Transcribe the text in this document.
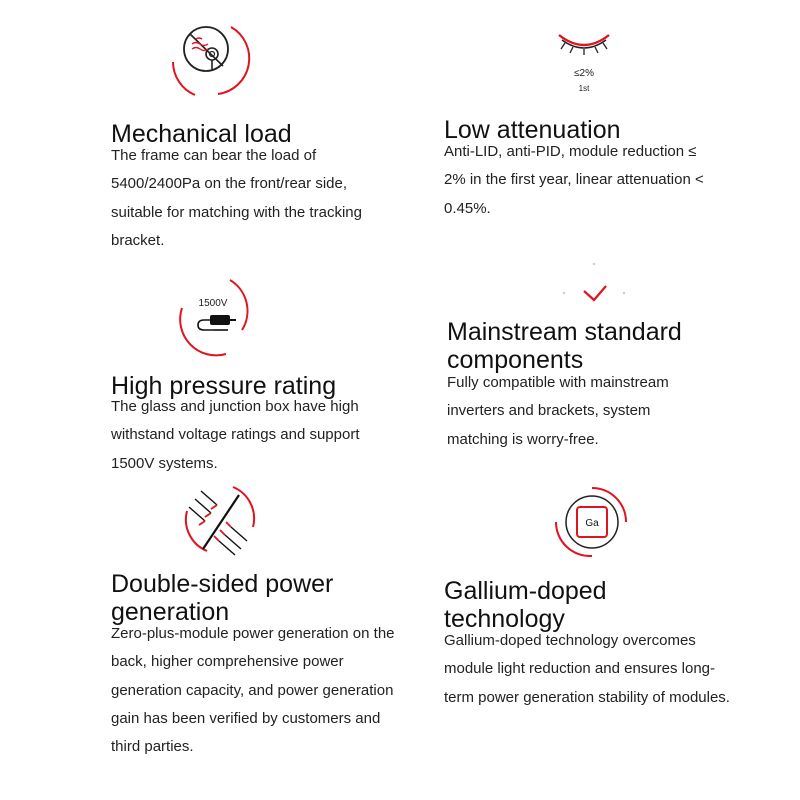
Mechanical load

The frame can bear the load of 5400/2400Pa on the front/rear side, suitable for matching with the tracking bracket.

≤2%
1st
Low attenuation

Anti-LID, anti-PID, module reduction ≤ 2% in the first year, linear attenuation < 0.45%.

1500V
High pressure rating

The glass and junction box have high withstand voltage ratings and support 1500V systems.

Mainstream standard components

Fully compatible with mainstream inverters and brackets, system matching is worry-free.

Double-sided power generation

Zero-plus-module power generation on the back, higher comprehensive power generation capacity, and power generation gain has been verified by customers and third parties.

Ga
Gallium-doped technology

Gallium-doped technology overcomes module light reduction and ensures long-term power generation stability of modules.
